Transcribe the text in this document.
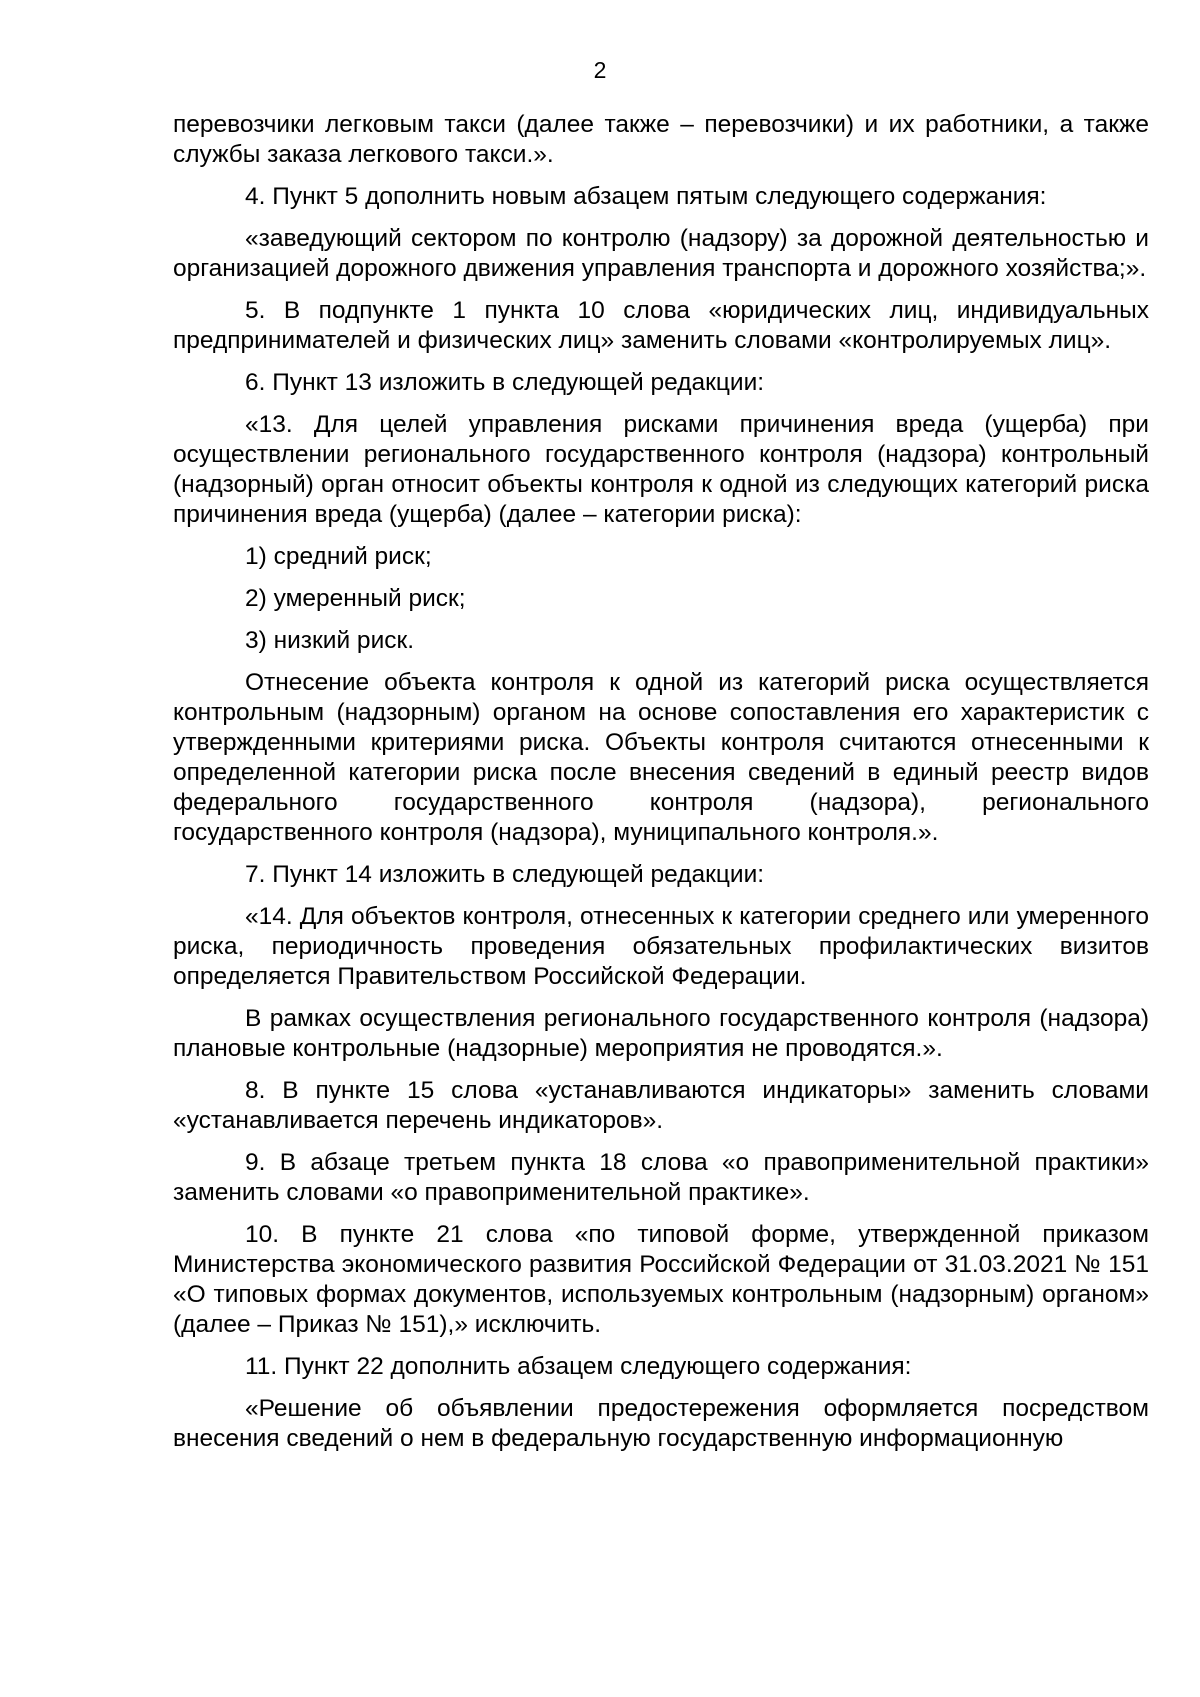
2

перевозчики легковым такси (далее также – перевозчики) и их работники, а также службы заказа легкового такси.».

4. Пункт 5 дополнить новым абзацем пятым следующего содержания:

«заведующий сектором по контролю (надзору) за дорожной деятельностью и организацией дорожного движения управления транспорта и дорожного хозяйства;».

5. В подпункте 1 пункта 10 слова «юридических лиц, индивидуальных предпринимателей и физических лиц» заменить словами «контролируемых лиц».

6. Пункт 13 изложить в следующей редакции:

«13. Для целей управления рисками причинения вреда (ущерба) при осуществлении регионального государственного контроля (надзора) контрольный (надзорный) орган относит объекты контроля к одной из следующих категорий риска причинения вреда (ущерба) (далее – категории риска):

1) средний риск;

2) умеренный риск;

3) низкий риск.

Отнесение объекта контроля к одной из категорий риска осуществляется контрольным (надзорным) органом на основе сопоставления его характеристик с утвержденными критериями риска. Объекты контроля считаются отнесенными к определенной категории риска после внесения сведений в единый реестр видов федерального государственного контроля (надзора), регионального государственного контроля (надзора), муниципального контроля.».

7. Пункт 14 изложить в следующей редакции:

«14. Для объектов контроля, отнесенных к категории среднего или умеренного риска, периодичность проведения обязательных профилактических визитов определяется Правительством Российской Федерации.

В рамках осуществления регионального государственного контроля (надзора) плановые контрольные (надзорные) мероприятия не проводятся.».

8. В пункте 15 слова «устанавливаются индикаторы» заменить словами «устанавливается перечень индикаторов».

9. В абзаце третьем пункта 18 слова «о правоприменительной практики» заменить словами «о правоприменительной практике».

10. В пункте 21 слова «по типовой форме, утвержденной приказом Министерства экономического развития Российской Федерации от 31.03.2021 № 151 «О типовых формах документов, используемых контрольным (надзорным) органом» (далее – Приказ № 151),» исключить.

11. Пункт 22 дополнить абзацем следующего содержания:

«Решение об объявлении предостережения оформляется посредством внесения сведений о нем в федеральную государственную информационную
